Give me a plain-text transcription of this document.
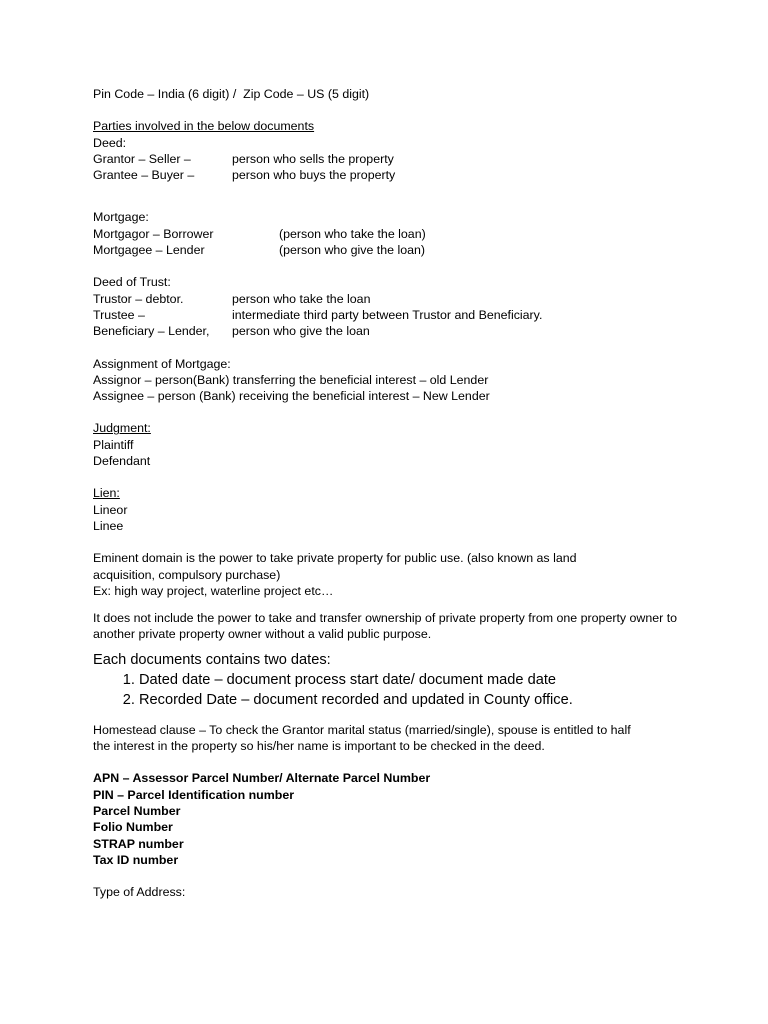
Pin Code – India (6 digit) /  Zip Code – US (5 digit)
Parties involved in the below documents
Deed:
Grantor – Seller –	person who sells the property
Grantee – Buyer –	person who buys the property
Mortgage:
Mortgagor – Borrower	(person who take the loan)
Mortgagee – Lender	(person who give the loan)
Deed of Trust:
Trustor – debtor.	person who take the loan
Trustee –	intermediate third party between Trustor and Beneficiary.
Beneficiary – Lender,	person who give the loan
Assignment of Mortgage:
Assignor – person(Bank) transferring the beneficial interest – old Lender
Assignee – person (Bank) receiving the beneficial interest – New Lender
Judgment:
Plaintiff
Defendant
Lien:
Lineor
Linee
Eminent domain is the power to take private property for public use. (also known as land acquisition, compulsory purchase)
Ex: high way project, waterline project etc…
It does not include the power to take and transfer ownership of private property from one property owner to another private property owner without a valid public purpose.
Each documents contains two dates:
1. Dated date – document process start date/ document made date
2. Recorded Date – document recorded and updated in County office.
Homestead clause – To check the Grantor marital status (married/single), spouse is entitled to half the interest in the property so his/her name is important to be checked in the deed.
APN – Assessor Parcel Number/ Alternate Parcel Number
PIN – Parcel Identification number
Parcel Number
Folio Number
STRAP number
Tax ID number
Type of Address:
